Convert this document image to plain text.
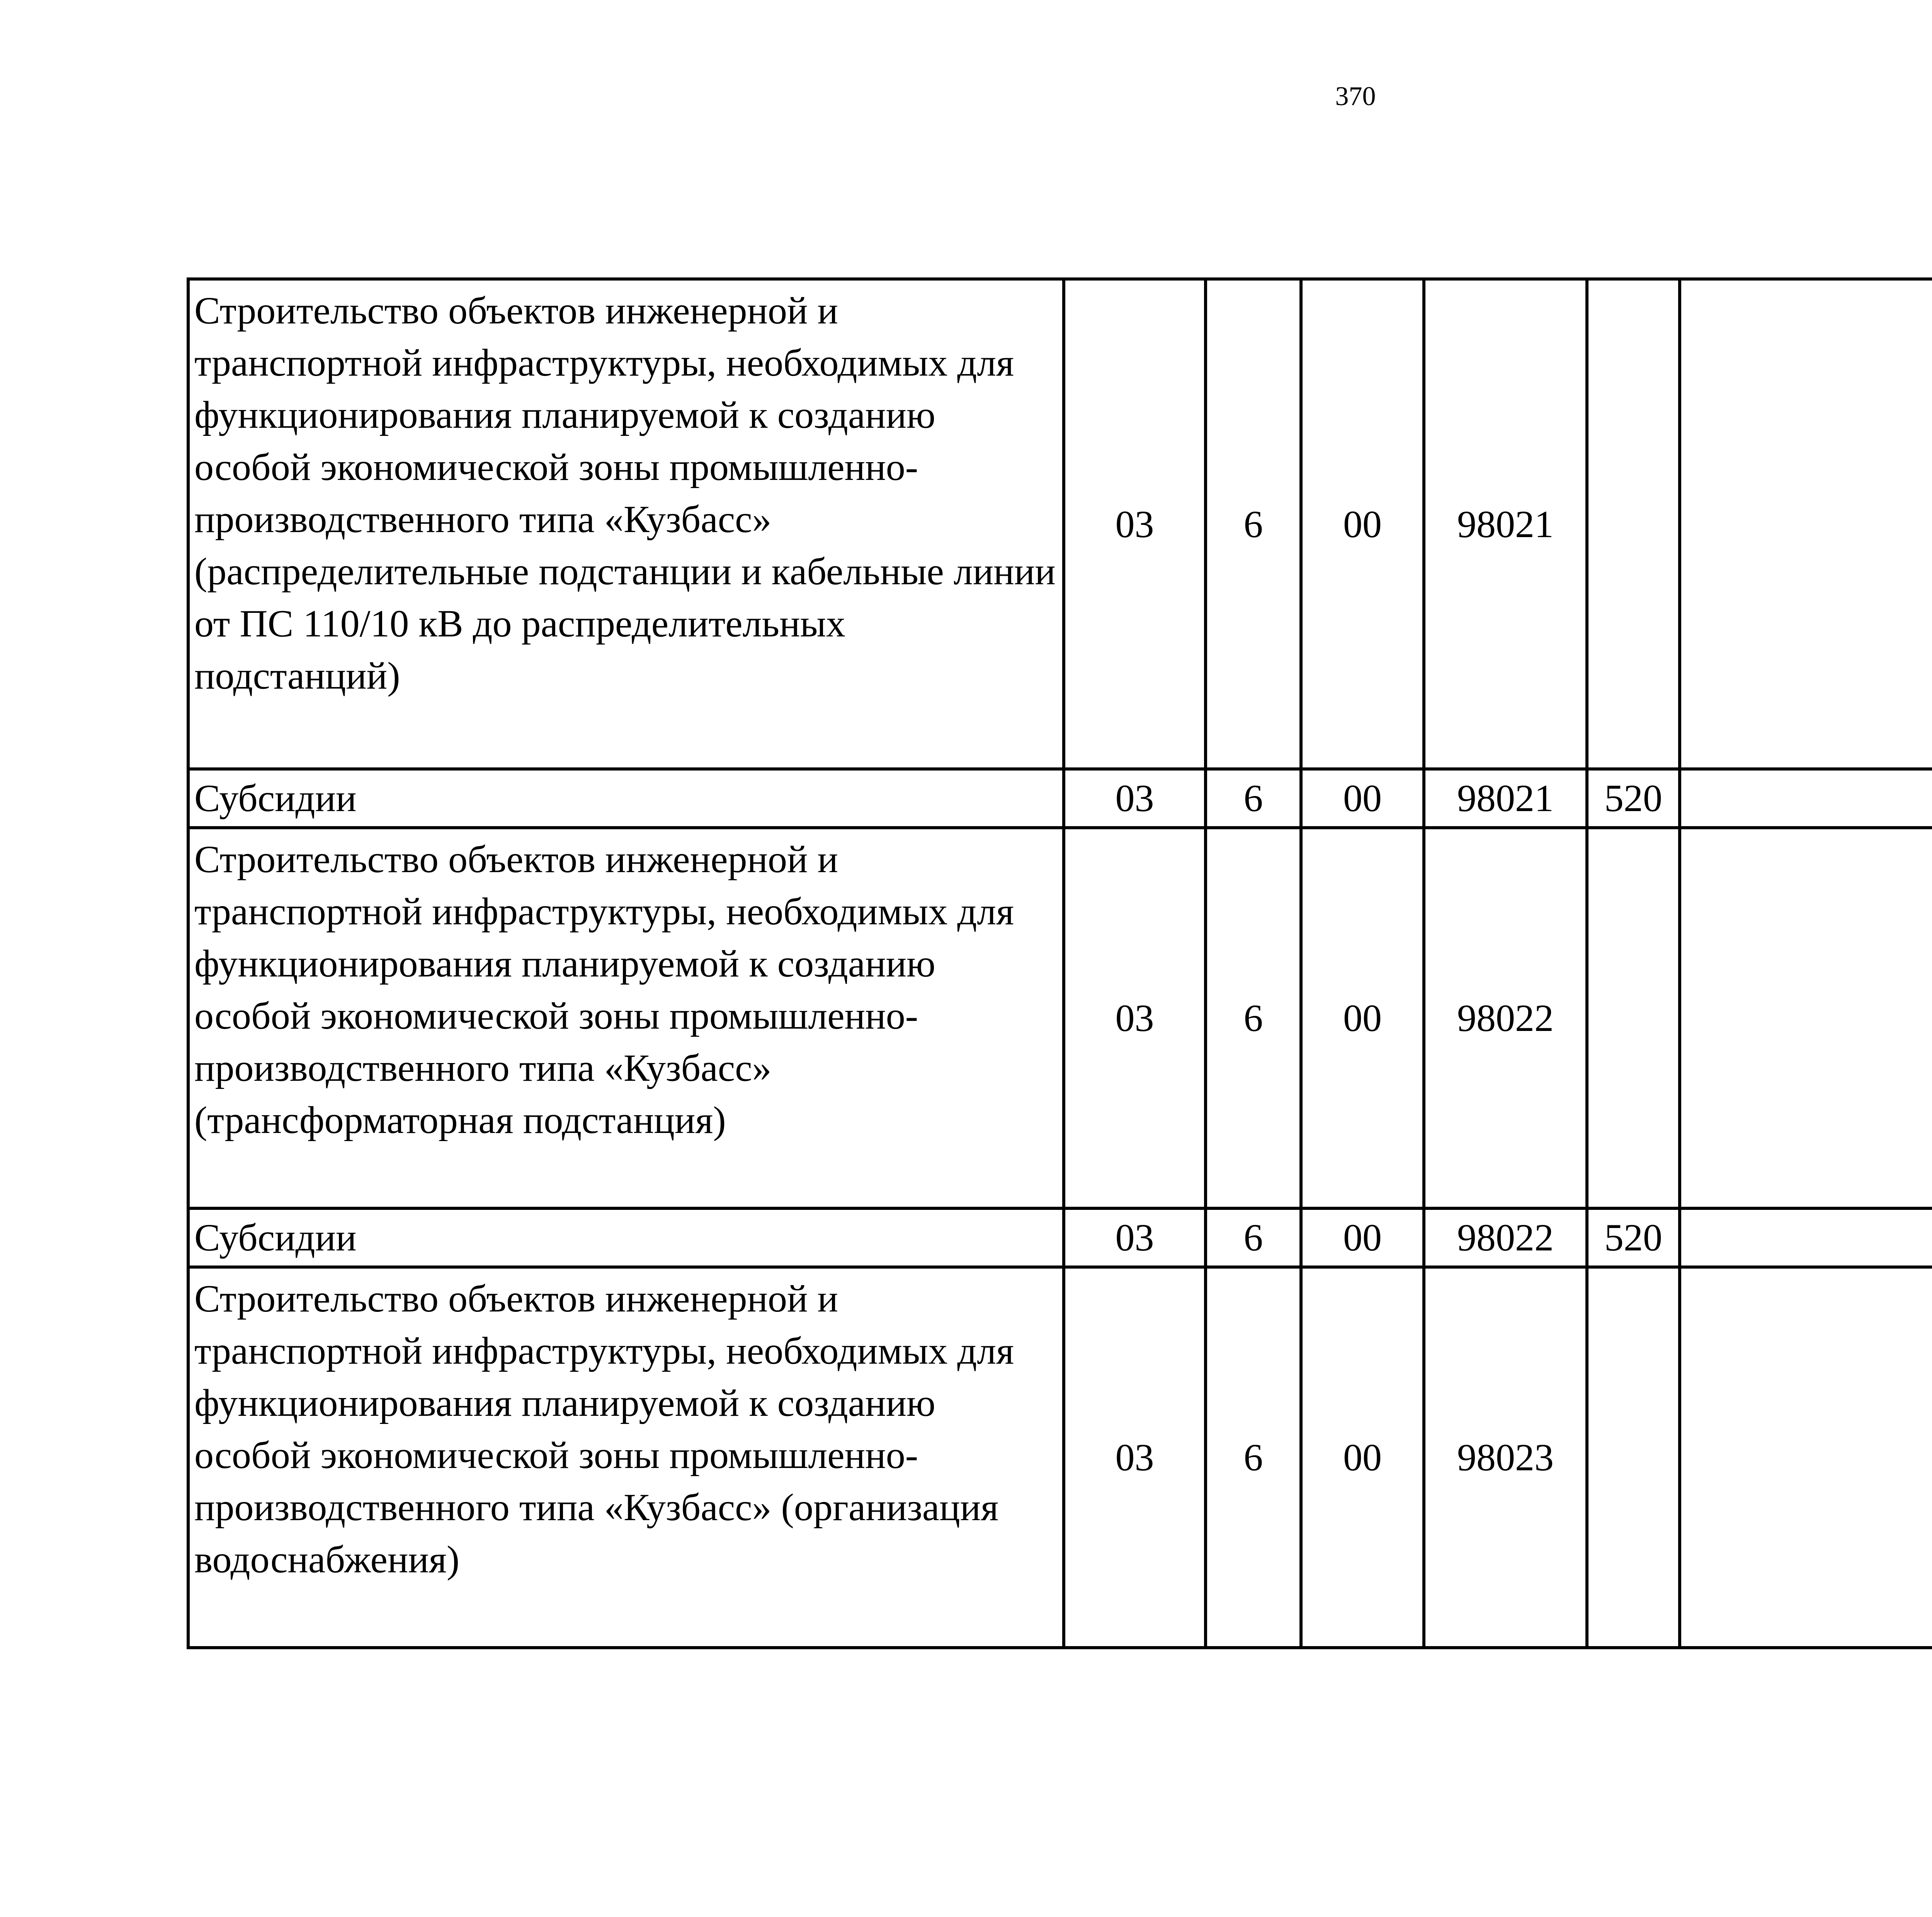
370
Строительство объектов инженерной и транспортной инфраструктуры, необходимых для функционирования планируемой к созданию особой экономической зоны промышленно-производственного типа «Кузбасс» (распределительные подстанции и кабельные линии от ПС 110/10 кВ до распределительных подстанций)	03	6	00	98021				
Субсидии	03	6	00	98021	520			
Строительство объектов инженерной и транспортной инфраструктуры, необходимых для функционирования планируемой к созданию особой экономической зоны промышленно-производственного типа «Кузбасс» (трансформаторная подстанция)	03	6	00	98022				
Субсидии	03	6	00	98022	520			
Строительство объектов инженерной и транспортной инфраструктуры, необходимых для функционирования планируемой к созданию особой экономической зоны промышленно-производственного типа «Кузбасс» (организация водоснабжения)	03	6	00	98023				
